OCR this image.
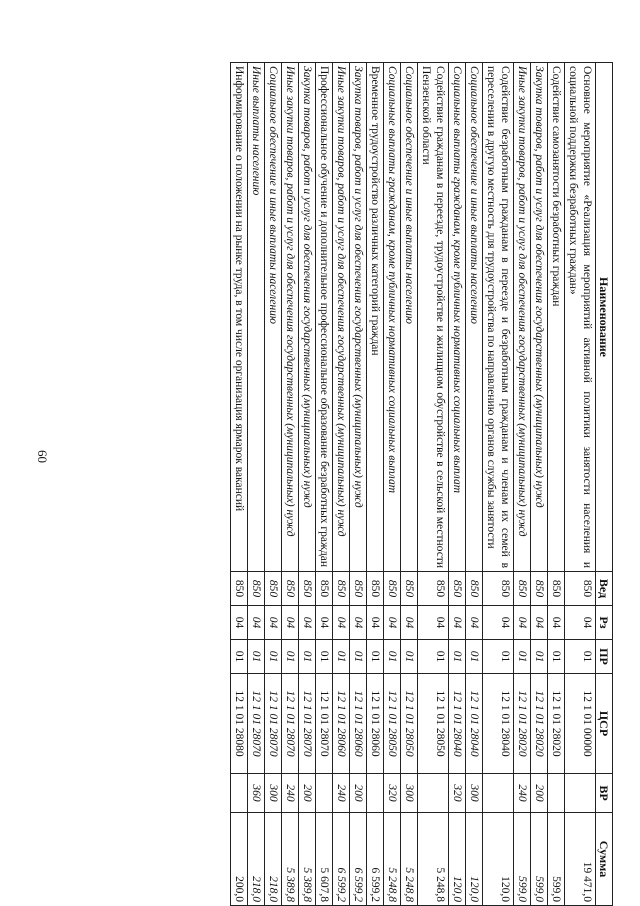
60
Наименование	Вед	Рз	ПР	ЦСР	ВР	Сумма
Основное мероприятие «Реализация мероприятий активной политики занятости населения и социальной поддержки безработных граждан»	850	04	01	12 1 01 00000		19 471,0
Содействие самозанятости безработных граждан	850	04	01	12 1 01 28020		599,0
Закупка товаров, работ и услуг для обеспечения государственных (муниципальных) нужд	850	04	01	12 1 01 28020	200	599,0
Иные закупки товаров, работ и услуг для обеспечения государственных (муниципальных) нужд	850	04	01	12 1 01 28020	240	599,0
Содействие безработным гражданам в переезде и безработным гражданам и членам их семей в переселении в другую местность для трудоустройства по направлению органов службы занятости	850	04	01	12 1 01 28040		120,0
Социальное обеспечение и иные выплаты населению	850	04	01	12 1 01 28040	300	120,0
Социальные выплаты гражданам, кроме публичных нормативных социальных выплат	850	04	01	12 1 01 28040	320	120,0
Содействие гражданам в переезде, трудоустройстве и жилищном обустройстве в сельской местности Пензенской области	850	04	01	12 1 01 28050		5 248,8
Социальное обеспечение и иные выплаты населению	850	04	01	12 1 01 28050	300	5 248,8
Социальные выплаты гражданам, кроме публичных нормативных социальных выплат	850	04	01	12 1 01 28050	320	5 248,8
Временное трудоустройство различных категорий граждан	850	04	01	12 1 01 28060		6 599,2
Закупка товаров, работ и услуг для обеспечения государственных (муниципальных) нужд	850	04	01	12 1 01 28060	200	6 599,2
Иные закупки товаров, работ и услуг для обеспечения государственных (муниципальных) нужд	850	04	01	12 1 01 28060	240	6 599,2
Профессиональное обучение и дополнительное профессиональное образование безработных граждан	850	04	01	12 1 01 28070		5 607,8
Закупка товаров, работ и услуг для обеспечения государственных (муниципальных) нужд	850	04	01	12 1 01 28070	200	5 389,8
Иные закупки товаров, работ и услуг для обеспечения государственных (муниципальных) нужд	850	04	01	12 1 01 28070	240	5 389,8
Социальное обеспечение и иные выплаты населению	850	04	01	12 1 01 28070	300	218,0
Иные выплаты населению	850	04	01	12 1 01 28070	360	218,0
Информирование о положении на рынке труда, в том числе организация ярмарок вакансий	850	04	01	12 1 01 28080		200,0
